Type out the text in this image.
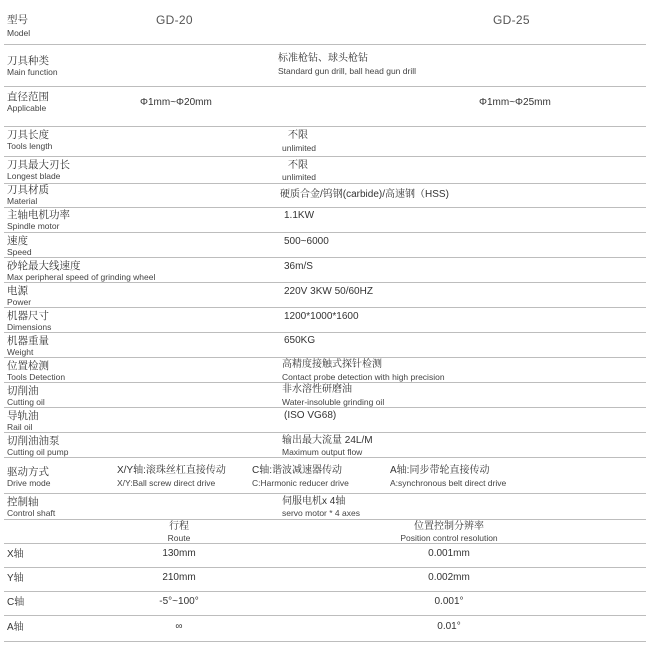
型号
Model
GD-20	GD-25
刀具种类
Main function
标准枪钻、球头枪钻
Standard gun drill, ball head gun drill
直径范围
Applicable	Φ1mm~Φ20mm	Φ1mm~Φ25mm
刀具长度
Tools length
不限
unlimited
刀具最大刃长
Longest blade
不限
unlimited
刀具材质
Material
硬质合金/钨钢(carbide)/高速钢（HSS)
主轴电机功率
Spindle motor
1.1KW
速度
Speed
500~6000
砂轮最大线速度
Max peripheral speed of grinding wheel
36m/S
电源
Power
220V 3KW 50/60HZ
机器尺寸
Dimensions
1200*1000*1600
机器重量
Weight
650KG
位置检测
Tools Detection
高精度接触式探针检测
Contact probe detection with high precision
切削油
Cutting oil
非水溶性研磨油
Water-insoluble grinding oil
导轨油
Rail oil
(ISO VG68)
切削油油泵
Cutting oil pump
输出最大流量 24L/M
Maximum output flow
驱动方式
Drive mode
X/Y轴:滚珠丝杠直接传动
X/Y:Ball screw direct drive
C轴:谐波减速器传动
C:Harmonic reducer drive
A轴:同步带轮直接传动
A:synchronous belt direct drive
控制轴
Control shaft
伺服电机x 4轴
servo motor * 4 axes
行程
Route
位置控制分辨率
Position control resolution
X轴	130mm	0.001mm
Y轴	210mm	0.002mm
C轴	-5°~100°	0.001°
A轴	∞	0.01°
